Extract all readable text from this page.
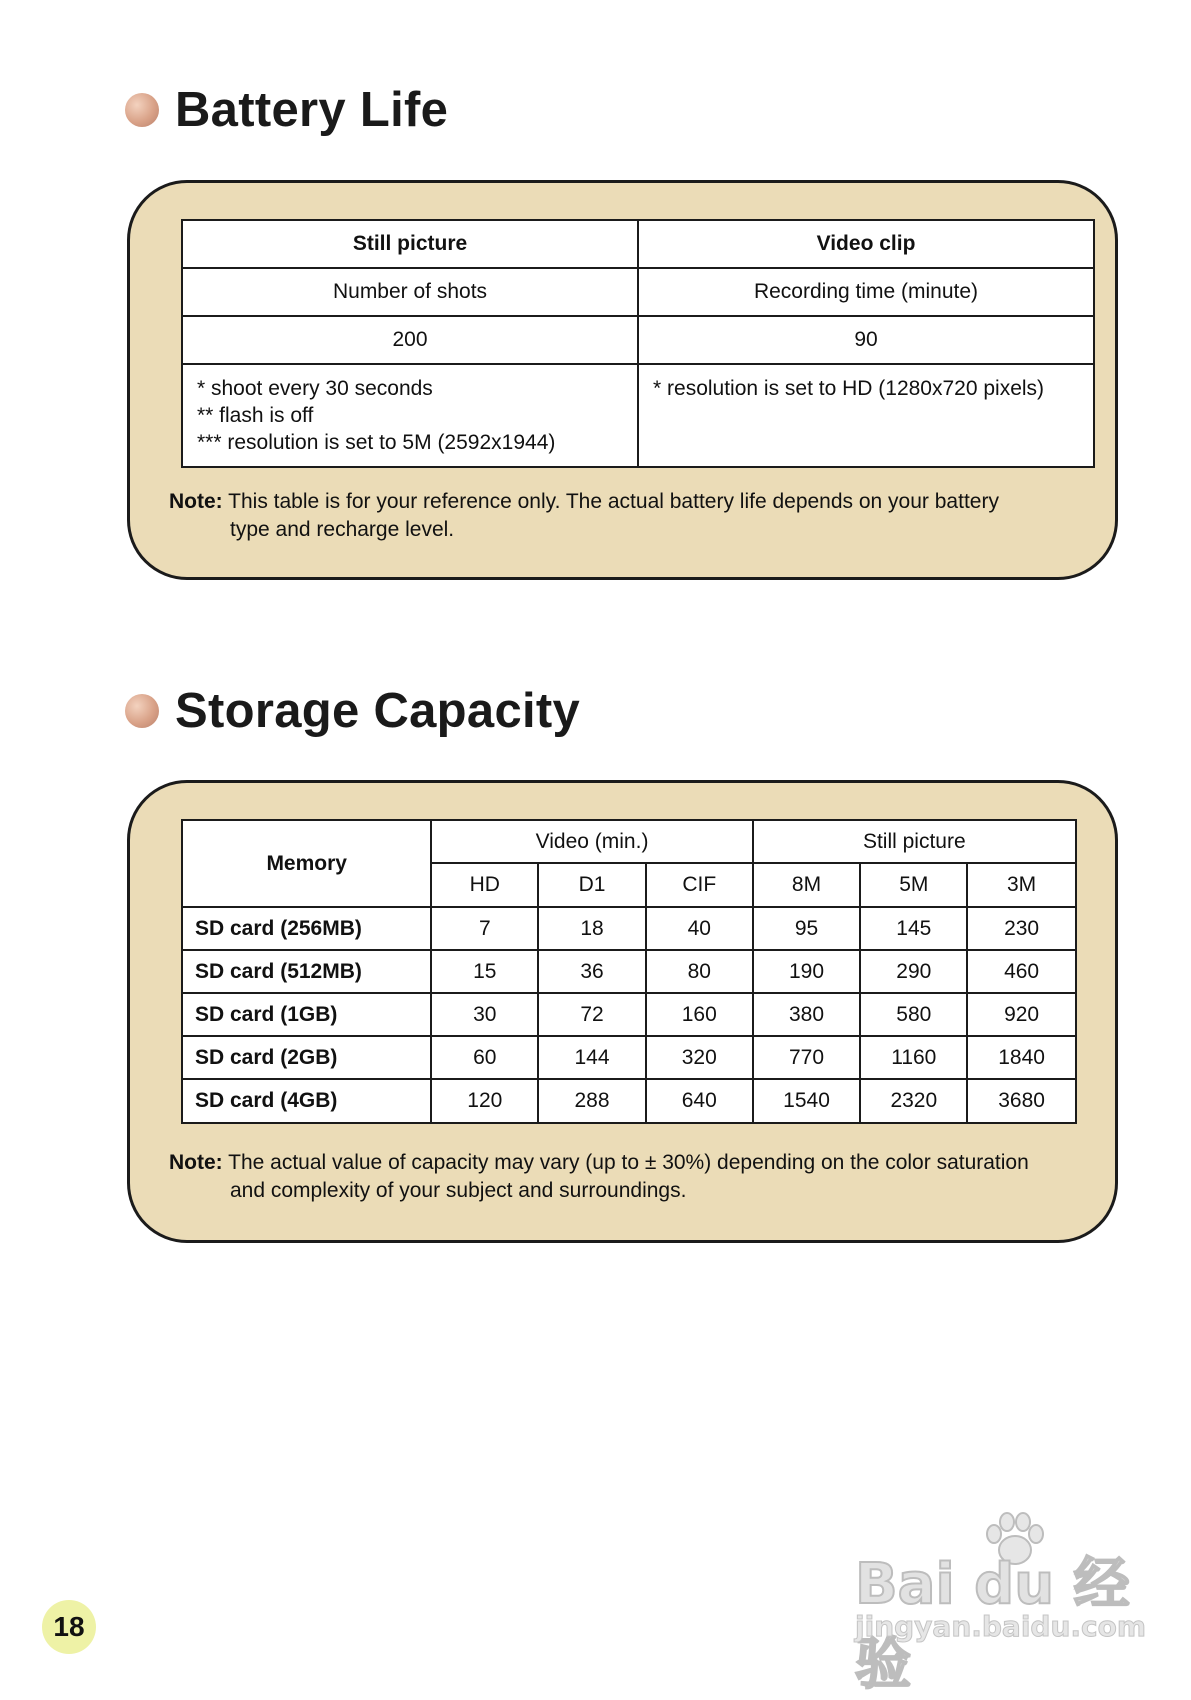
Battery Life
Still picture	Video clip
Number of shots	Recording time (minute)
200	90

* shoot every 30 seconds
** flash is off
*** resolution is set to 5M (2592x1944)	* resolution is set to HD (1280x720 pixels)
Note: This table is for your reference only. The actual battery life depends on your battery
type and recharge level.
Storage Capacity
Memory	Video (min.)			Still picture		
	HD	D1	CIF	8M	5M	3M
SD card (256MB)	7	18	40	95	145	230
SD card (512MB)	15	36	80	190	290	460
SD card (1GB)	30	72	160	380	580	920
SD card (2GB)	60	144	320	770	1160	1840
SD card (4GB)	120	288	640	1540	2320	3680
Note: The actual value of capacity may vary (up to ± 30%) depending on the color saturation
and complexity of your subject and surroundings.
18
Bai du 经验
jingyan.baidu.com
